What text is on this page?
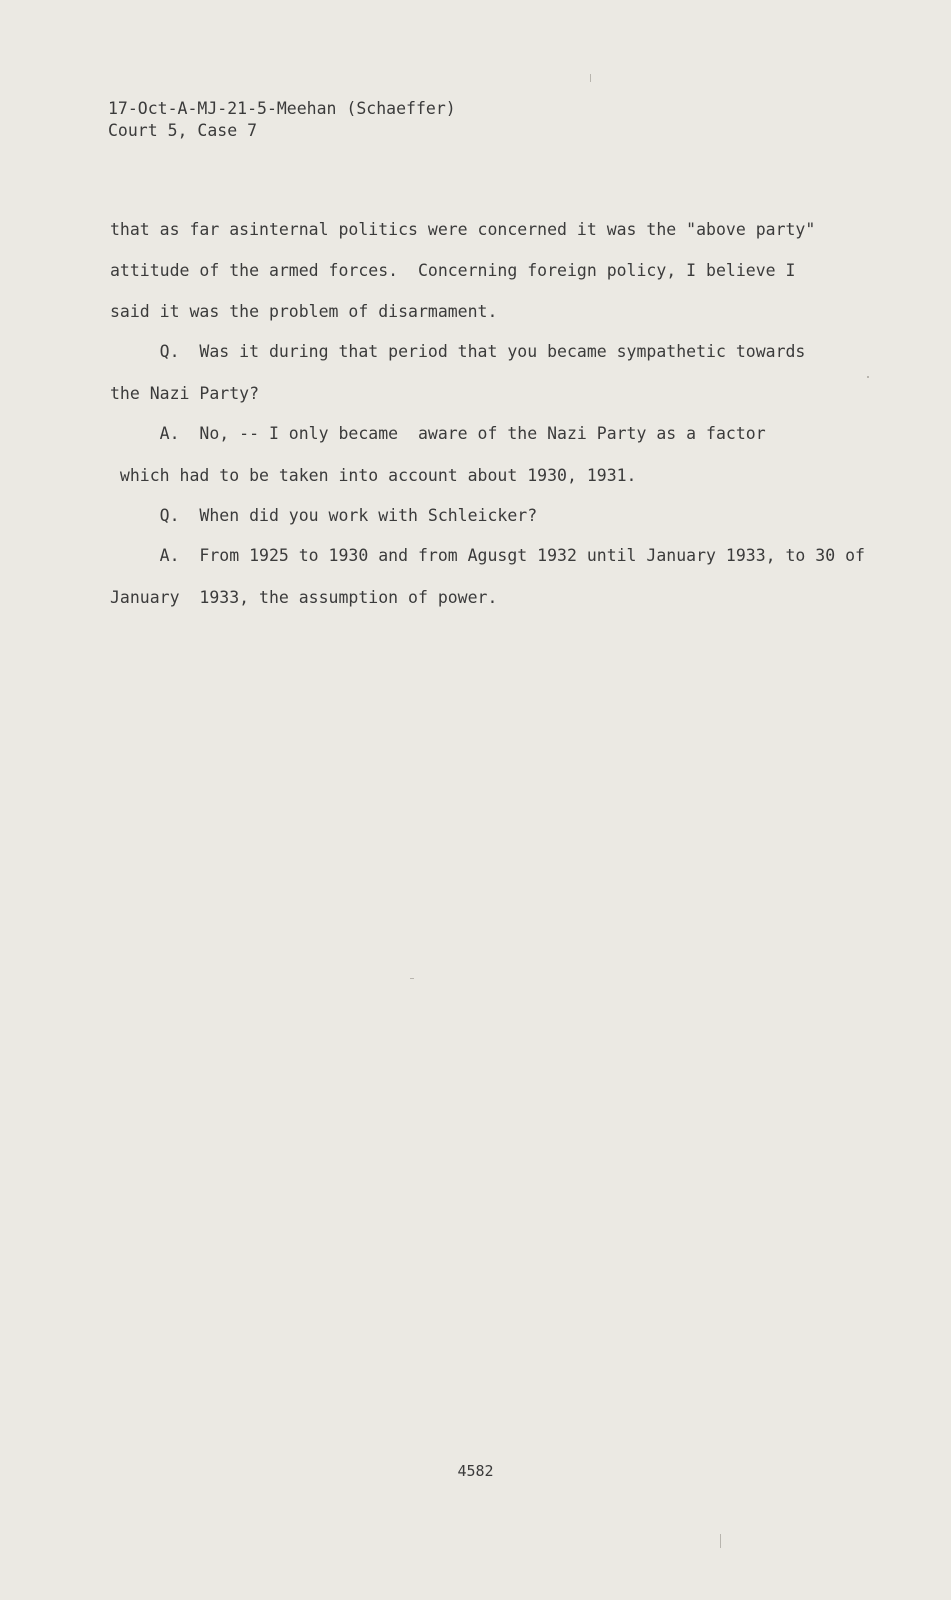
17-Oct-A-MJ-21-5-Meehan (Schaeffer)
Court 5, Case 7
that as far asinternal politics were concerned it was the "above party"
attitude of the armed forces.  Concerning foreign policy, I believe I
said it was the problem of disarmament.
Q.  Was it during that period that you became sympathetic towards
the Nazi Party?
A.  No, -- I only became  aware of the Nazi Party as a factor
which had to be taken into account about 1930, 1931.
Q.  When did you work with Schleicker?
A.  From 1925 to 1930 and from Agusgt 1932 until January 1933, to 30 of
January  1933, the assumption of power.
4582
